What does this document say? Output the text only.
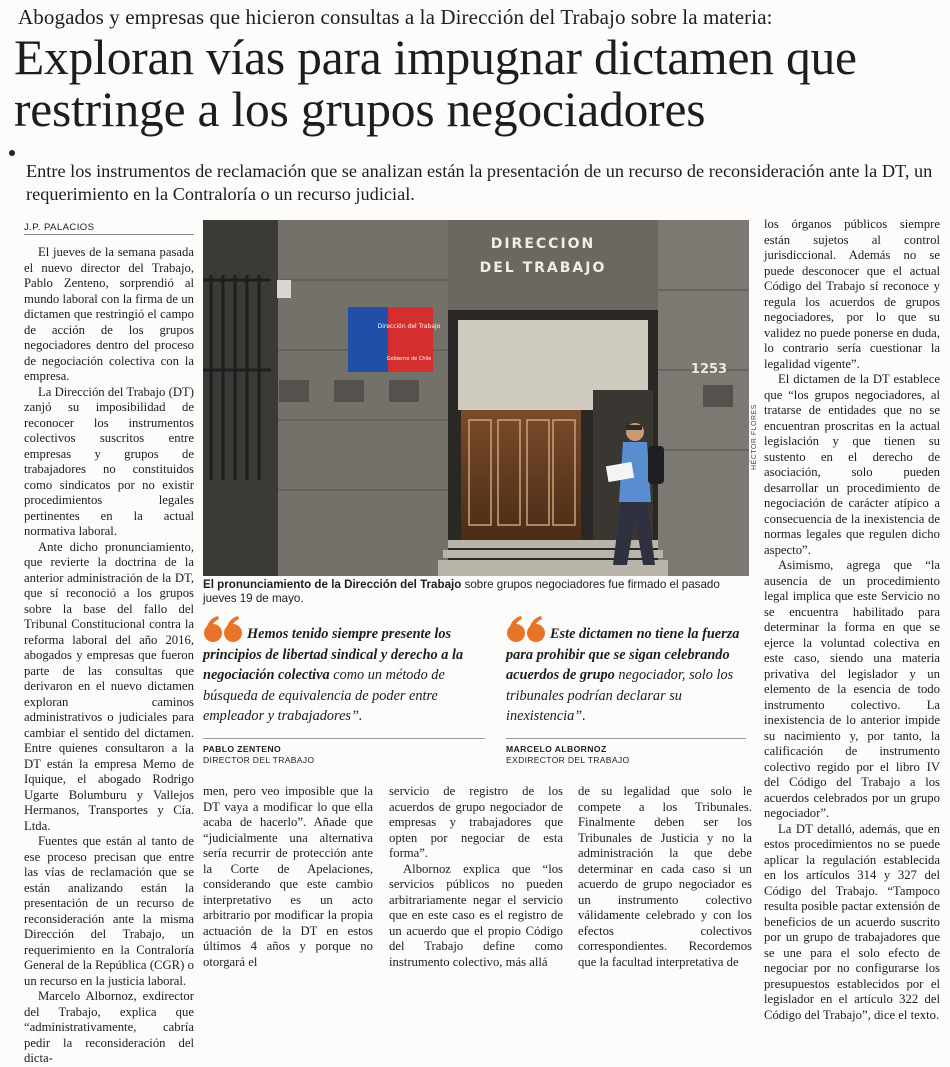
Abogados y empresas que hicieron consultas a la Dirección del Trabajo sobre la materia:
Exploran vías para impugnar dictamen que restringe a los grupos negociadores
Entre los instrumentos de reclamación que se analizan están la presentación de un recurso de reconsideración ante la DT, un requerimiento en la Contraloría o un recurso judicial.
J.P. PALACIOS

El jueves de la semana pasada el nuevo director del Trabajo, Pablo Zenteno, sorprendió al mundo laboral con la firma de un dictamen que restringió el campo de acción de los grupos negociadores dentro del proceso de negociación colectiva con la empresa.

La Dirección del Trabajo (DT) zanjó su imposibilidad de reconocer los instrumentos colectivos suscritos entre empresas y grupos de trabajadores no constituidos como sindicatos por no existir procedimientos legales pertinentes en la actual normativa laboral.

Ante dicho pronunciamiento, que revierte la doctrina de la anterior administración de la DT, que sí reconoció a los grupos sobre la base del fallo del Tribunal Constitucional contra la reforma laboral del año 2016, abogados y empresas que fueron parte de las consultas que derivaron en el nuevo dictamen exploran caminos administrativos o judiciales para cambiar el sentido del dictamen. Entre quienes consultaron a la DT están la empresa Memo de Iquique, el abogado Rodrigo Ugarte Bolumburu y Vallejos Hermanos, Transportes y Cía. Ltda.

Fuentes que están al tanto de ese proceso precisan que entre las vías de reclamación que se están analizando están la presentación de un recurso de reconsideración ante la misma Dirección del Trabajo, un requerimiento en la Contraloría General de la República (CGR) o un recurso en la justicia laboral.

Marcelo Albornoz, exdirector del Trabajo, explica que “administrativamente, cabría pedir la reconsideración del dicta-

Dirección del Trabajo
Gobierno de Chile
DIRECCION
DEL TRABAJO
1253
HÉCTOR FLORES
El pronunciamiento de la Dirección del Trabajo sobre grupos negociadores fue firmado el pasado jueves 19 de mayo.
Hemos tenido siempre presente los principios de libertad sindical y derecho a la negociación colectiva como un método de búsqueda de equivalencia de poder entre empleador y trabajadores”.
PABLO ZENTENO
DIRECTOR DEL TRABAJO
Este dictamen no tiene la fuerza para prohibir que se sigan celebrando acuerdos de grupo negociador, solo los tribunales podrían declarar su inexistencia”.
MARCELO ALBORNOZ
EXDIRECTOR DEL TRABAJO

men, pero veo imposible que la DT vaya a modificar lo que ella acaba de hacerlo”. Añade que “judicialmente una alternativa sería recurrir de protección ante la Corte de Apelaciones, considerando que este cambio interpretativo es un acto arbitrario por modificar la propia actuación de la DT en estos últimos 4 años y porque no otorgará el

servicio de registro de los acuerdos de grupo negociador de empresas y trabajadores que opten por negociar de esta forma”.

Albornoz explica que “los servicios públicos no pueden arbitrariamente negar el servicio que en este caso es el registro de un acuerdo que el propio Código del Trabajo define como instrumento colectivo, más allá

de su legalidad que solo le compete a los Tribunales. Finalmente deben ser los Tribunales de Justicia y no la administración la que debe determinar en cada caso si un acuerdo de grupo negociador es un instrumento colectivo válidamente celebrado y con los efectos colectivos correspondientes. Recordemos que la facultad interpretativa de

los órganos públicos siempre están sujetos al control jurisdiccional. Además no se puede desconocer que el actual Código del Trabajo sí reconoce y regula los acuerdos de grupos negociadores, por lo que su validez no puede ponerse en duda, lo contrario sería cuestionar la legalidad vigente”.

El dictamen de la DT establece que “los grupos negociadores, al tratarse de entidades que no se encuentran proscritas en la actual legislación y que tienen su sustento en el derecho de asociación, solo pueden desarrollar un procedimiento de negociación de carácter atípico a consecuencia de la inexistencia de normas legales que regulen dicho aspecto”.

Asimismo, agrega que “la ausencia de un procedimiento legal implica que este Servicio no se encuentra habilitado para determinar la forma en que se ejerce la voluntad colectiva en este caso, siendo una materia privativa del legislador y un elemento de la esencia de todo instrumento colectivo. La inexistencia de lo anterior impide su nacimiento y, por tanto, la calificación de instrumento colectivo regido por el libro IV del Código del Trabajo a los acuerdos celebrados por un grupo negociador”.

La DT detalló, además, que en estos procedimientos no se puede aplicar la regulación establecida en los artículos 314 y 327 del Código del Trabajo. “Tampoco resulta posible pactar extensión de beneficios de un acuerdo suscrito por un grupo de trabajadores que se une para el solo efecto de negociar por no configurarse los presupuestos establecidos por el legislador en el artículo 322 del Código del Trabajo”, dice el texto.
